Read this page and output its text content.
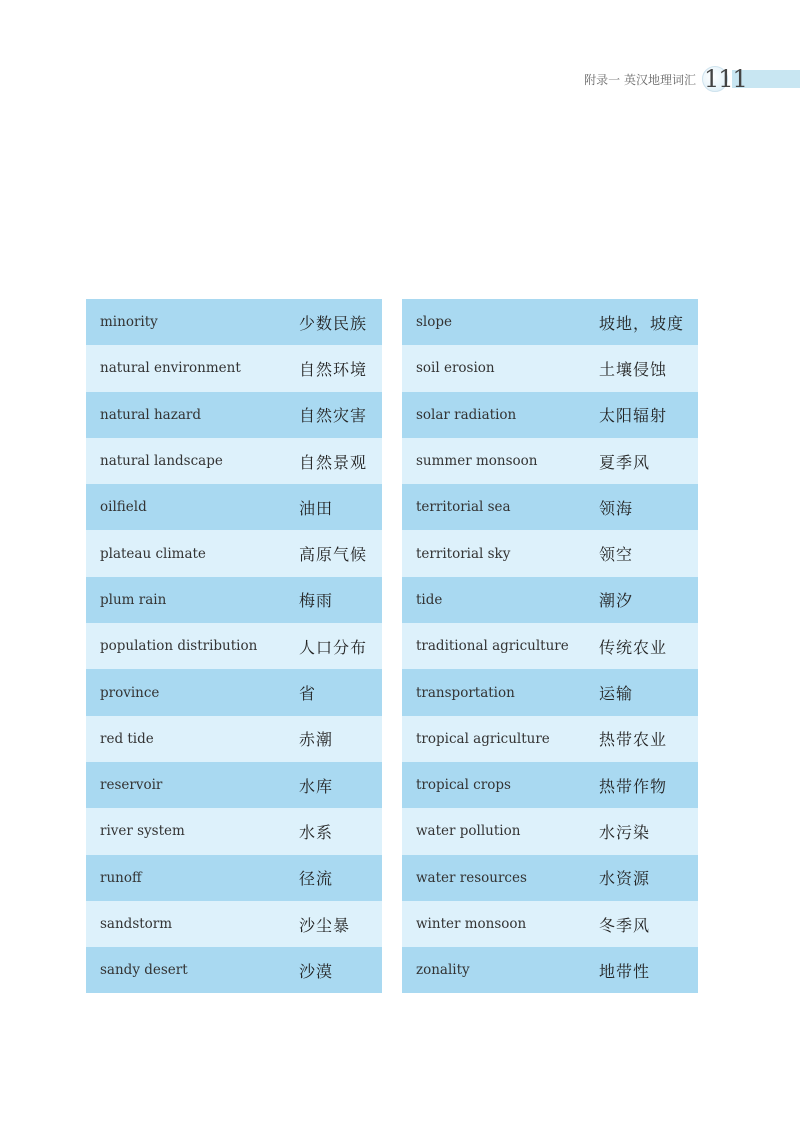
附录一 英汉地理词汇 111
minority	少数民族
natural environment	自然环境
natural hazard	自然灾害
natural landscape	自然景观
oilfield	油田
plateau climate	高原气候
plum rain	梅雨
population distribution	人口分布
province	省
red tide	赤潮
reservoir	水库
river system	水系
runoff	径流
sandstorm	沙尘暴
sandy desert	沙漠
slope	坡地，坡度
soil erosion	土壤侵蚀
solar radiation	太阳辐射
summer monsoon	夏季风
territorial sea	领海
territorial sky	领空
tide	潮汐
traditional agriculture 传统农业
transportation	运输
tropical agriculture	热带农业
tropical crops	热带作物
water pollution	水污染
water resources	水资源
winter monsoon	冬季风
zonality	地带性
